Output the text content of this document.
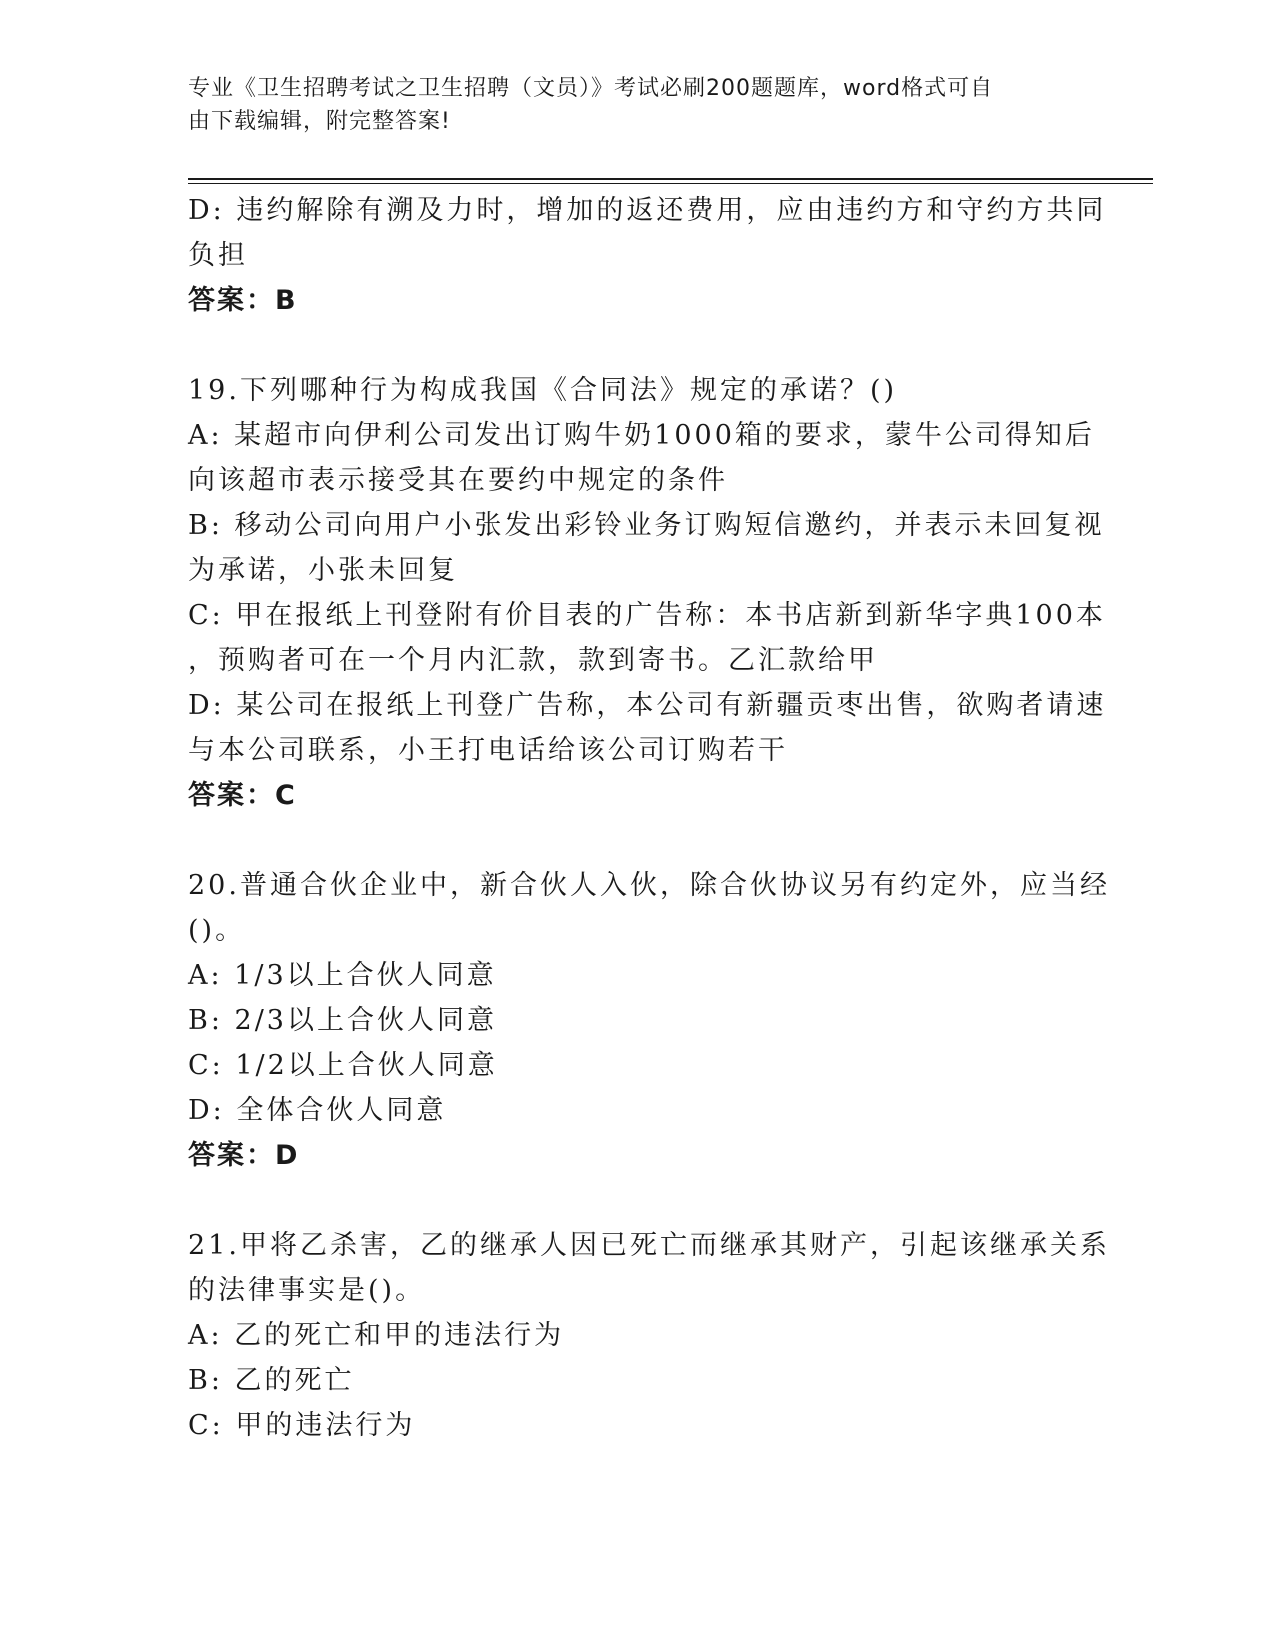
专业《卫生招聘考试之卫生招聘（文员）》考试必刷200题题库，word格式可自
由下载编辑，附完整答案!
D: 违约解除有溯及力时，增加的返还费用，应由违约方和守约方共同
负担
答案：B
19.下列哪种行为构成我国《合同法》规定的承诺？()
A: 某超市向伊利公司发出订购牛奶1000箱的要求，蒙牛公司得知后
向该超市表示接受其在要约中规定的条件
B: 移动公司向用户小张发出彩铃业务订购短信邀约，并表示未回复视
为承诺，小张未回复
C: 甲在报纸上刊登附有价目表的广告称：本书店新到新华字典100本
，预购者可在一个月内汇款，款到寄书。乙汇款给甲
D: 某公司在报纸上刊登广告称，本公司有新疆贡枣出售，欲购者请速
与本公司联系，小王打电话给该公司订购若干
答案：C
20.普通合伙企业中，新合伙人入伙，除合伙协议另有约定外，应当经
()。
A: 1/3以上合伙人同意
B: 2/3以上合伙人同意
C: 1/2以上合伙人同意
D: 全体合伙人同意
答案：D
21.甲将乙杀害，乙的继承人因已死亡而继承其财产，引起该继承关系
的法律事实是()。
A: 乙的死亡和甲的违法行为
B: 乙的死亡
C: 甲的违法行为
